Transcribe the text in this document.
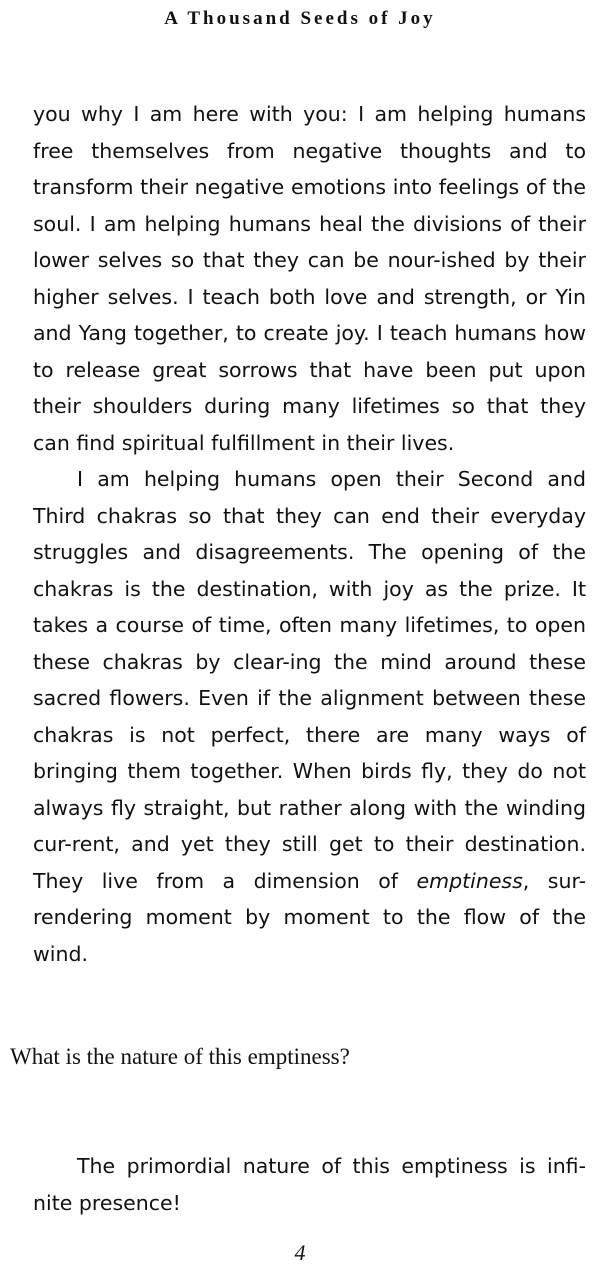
A Thousand Seeds of Joy

you why I am here with you: I am helping humans free themselves from negative thoughts and to transform their negative emotions into feelings of the soul. I am helping humans heal the divisions of their lower selves so that they can be nour-ished by their higher selves. I teach both love and strength, or Yin and Yang together, to create joy. I teach humans how to release great sorrows that have been put upon their shoulders during many lifetimes so that they can find spiritual fulfillment in their lives.

I am helping humans open their Second and Third chakras so that they can end their everyday struggles and disagreements. The opening of the chakras is the destination, with joy as the prize. It takes a course of time, often many lifetimes, to open these chakras by clear-ing the mind around these sacred flowers. Even if the alignment between these chakras is not perfect, there are many ways of bringing them together. When birds fly, they do not always fly straight, but rather along with the winding cur-rent, and yet they still get to their destination. They live from a dimension of emptiness, sur-rendering moment by moment to the flow of the wind.

What is the nature of this emptiness?

The primordial nature of this emptiness is infi-nite presence!

4
